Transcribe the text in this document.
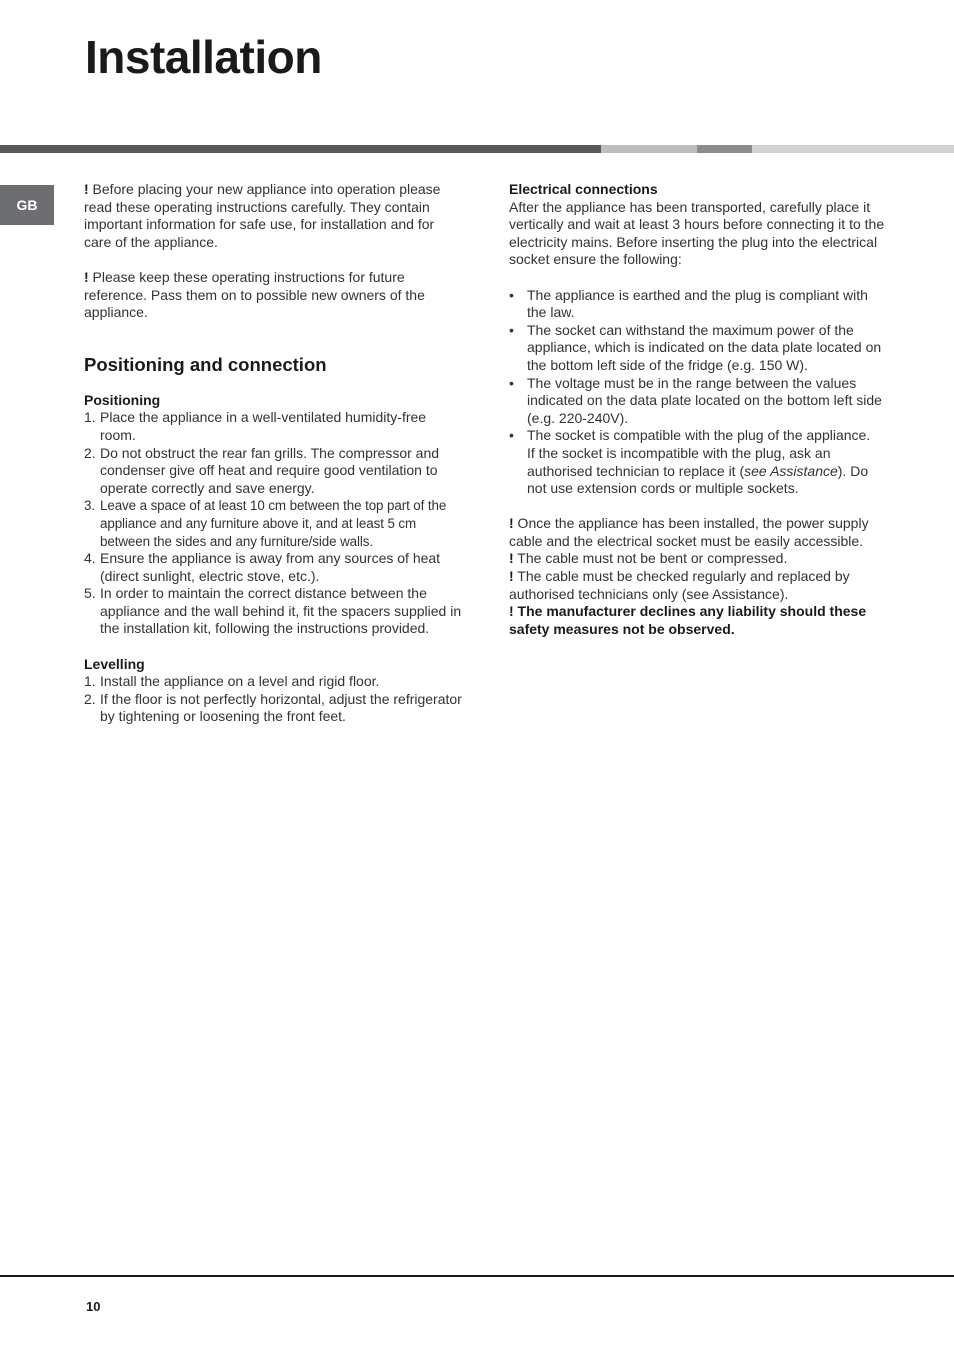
Installation
GB

! Before placing your new appliance into operation please read these operating instructions carefully. They contain important information for safe use, for installation and for care of the appliance.

! Please keep these operating instructions for future reference. Pass them on to possible new owners of the appliance.

Positioning and connection

Positioning

1. Place the appliance in a well-ventilated humidity-free room.
2. Do not obstruct the rear fan grills. The compressor and condenser give off heat and require good ventilation to operate correctly and save energy.
3. Leave a space of at least 10 cm between the top part of the appliance and any furniture above it, and at least 5 cm between the sides and any furniture/side walls.
4. Ensure the appliance is away from any sources of heat (direct sunlight, electric stove, etc.).
5. In order to maintain the correct distance between the appliance and the wall behind it, fit the spacers supplied in the installation kit, following the instructions provided.

Levelling

1. Install the appliance on a level and rigid floor.
2. If the floor is not perfectly horizontal, adjust the refrigerator by tightening or loosening the front feet.

Electrical connections

After the appliance has been transported, carefully place it vertically and wait at least 3 hours before connecting it to the electricity mains. Before inserting the plug into the electrical socket ensure the following:

• The appliance is earthed and the plug is compliant with the law.
• The socket can withstand the maximum power of the appliance, which is indicated on the data plate located on the bottom left side of the fridge (e.g. 150 W).
• The voltage must be in the range between the values indicated on the data plate located on the bottom left side (e.g. 220-240V).
• The socket is compatible with the plug of the appliance.
If the socket is incompatible with the plug, ask an authorised technician to replace it (see Assistance). Do not use extension cords or multiple sockets.

! Once the appliance has been installed, the power supply cable and the electrical socket must be easily accessible.

! The cable must not be bent or compressed.

! The cable must be checked regularly and replaced by authorised technicians only (see Assistance).

! The manufacturer declines any liability should these safety measures not be observed.

10
